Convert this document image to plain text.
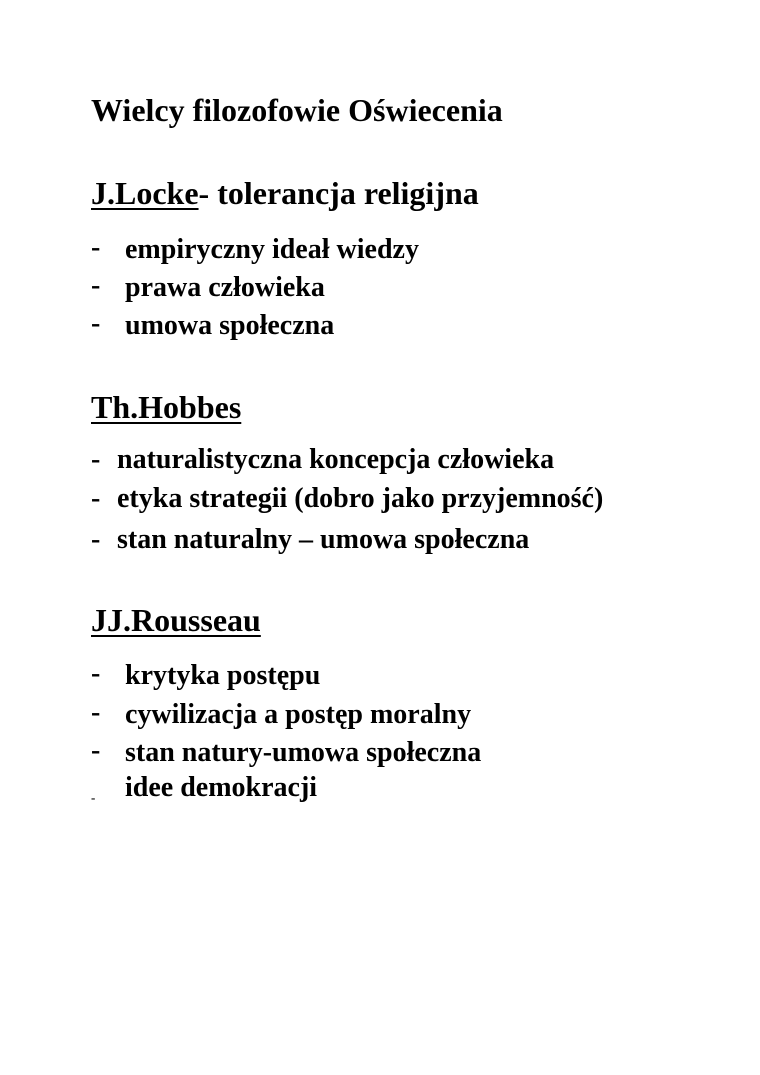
Wielcy filozofowie Oświecenia
J.Locke- tolerancja religijna
- empiryczny ideał wiedzy
- prawa człowieka
- umowa społeczna
Th.Hobbes
- naturalistyczna koncepcja człowieka
- etyka strategii (dobro jako przyjemność)
- stan naturalny – umowa społeczna
JJ.Rousseau
- krytyka postępu
- cywilizacja a postęp moralny
- stan natury-umowa społeczna
- idee demokracji
